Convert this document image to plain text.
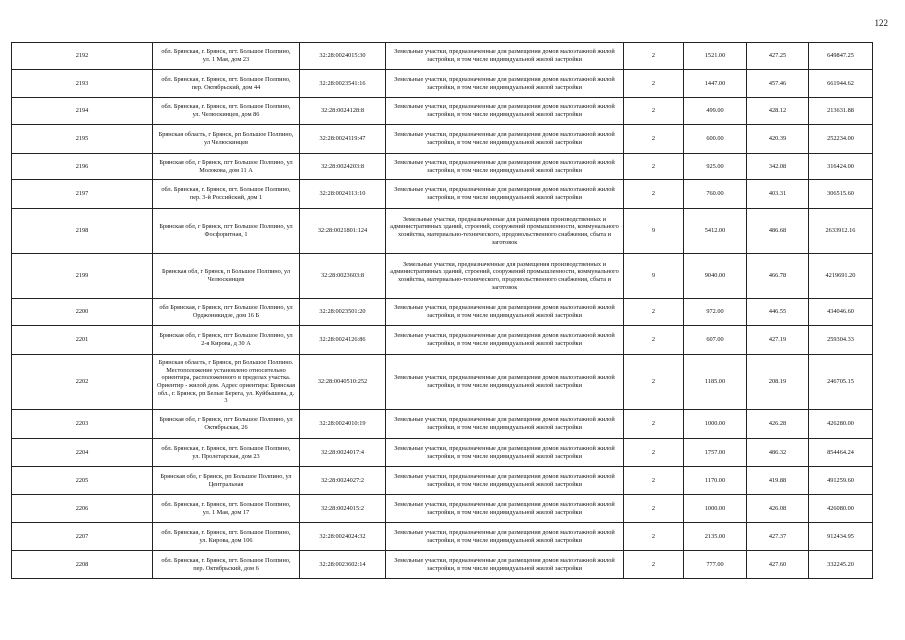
122
2192	обл. Брянская, г. Брянск, пгт. Большое Полпино, ул. 1 Мая, дом 23	32:28:0024015:30	Земельные участки, предназначенные для размещения домов малоэтажной жилой застройки, в том числе индивидуальной жилой застройки	2	1521.00	427.25	649847.25
2193	обл. Брянская, г. Брянск, пгт. Большое Полпино, пер. Октябрьский, дом 44	32:28:0023541:16	Земельные участки, предназначенные для размещения домов малоэтажной жилой застройки, в том числе индивидуальной жилой застройки	2	1447.00	457.46	661944.62
2194	обл. Брянская, г. Брянск, пгт. Большое Полпино, ул. Челюскинцев, дом 86	32:28:0024128:8	Земельные участки, предназначенные для размещения домов малоэтажной жилой застройки, в том числе индивидуальной жилой застройки	2	499.00	428.12	213631.88
2195	Брянская область, г Брянск, рп Большое Полпино, ул Челюскинцев	32:28:0024119:47	Земельные участки, предназначенные для размещения домов малоэтажной жилой застройки, в том числе индивидуальной жилой застройки	2	600.00	420.39	252234.00
2196	Брянская обл, г Брянск, пгт Большое Полпино, ул Молокова, дом 11 А	32:28:0024203:8	Земельные участки, предназначенные для размещения домов малоэтажной жилой застройки, в том числе индивидуальной жилой застройки	2	925.00	342.08	316424.00
2197	обл. Брянская, г. Брянск, пгт. Большое Полпино, пер. 3-й Российский, дом 1	32:28:0024113:10	Земельные участки, предназначенные для размещения домов малоэтажной жилой застройки, в том числе индивидуальной жилой застройки	2	760.00	403.31	306515.60
2198	Брянская обл, г Брянск, пгт Большое Полпино, ул Фосфоритная, 1	32:28:0021801:124	Земельные участки, предназначенные для размещения производственных и административных зданий, строений, сооружений промышленности, коммунального хозяйства, материально-технического, продовольственного снабжения, сбыта и заготовок	9	5412.00	486.68	2633912.16
2199	Брянская обл, г Брянск, п Большое Полпино, ул Челюскинцев	32:28:0023603:8	Земельные участки, предназначенные для размещения производственных и административных зданий, строений, сооружений промышленности, коммунального хозяйства, материально-технического, продовольственного снабжения, сбыта и заготовок	9	9040.00	466.78	4219691.20
2200	обл Брянская, г Брянск, пгт Большое Полпино, ул Орджоникидзе, дом 16 Б	32:28:0023501:20	Земельные участки, предназначенные для размещения домов малоэтажной жилой застройки, в том числе индивидуальной жилой застройки	2	972.00	446.55	434046.60
2201	Брянская обл, г Брянск, пгт Большое Полпино, ул 2-я Кирова, д 30 А	32:28:0024126:86	Земельные участки, предназначенные для размещения домов малоэтажной жилой застройки, в том числе индивидуальной жилой застройки	2	607.00	427.19	259304.33
2202	Брянская область, г Брянск, рп Большое Полпино. Местоположение установлено относительно ориентира, расположенного в пределах участка. Ориентир - жилой дом. Адрес ориентира: Брянская обл., г. Брянск, рп Белые Берега, ул. Куйбышева, д. 3	32:28:0040510:252	Земельные участки, предназначенные для размещения домов малоэтажной жилой застройки, в том числе индивидуальной жилой застройки	2	1185.00	208.19	246705.15
2203	Брянская обл, г Брянск, пгт Большое Полпино, ул Октябрьская, 26	32:28:0024010:19	Земельные участки, предназначенные для размещения домов малоэтажной жилой застройки, в том числе индивидуальной жилой застройки	2	1000.00	426.28	426280.00
2204	обл. Брянская, г. Брянск, пгт. Большое Полпино, ул. Пролетарская, дом 23	32:28:0024017:4	Земельные участки, предназначенные для размещения домов малоэтажной жилой застройки, в том числе индивидуальной жилой застройки	2	1757.00	486.32	854464.24
2205	Брянская обл, г Брянск, рп Большое Полпино, ул Центральная	32:28:0024027:2	Земельные участки, предназначенные для размещения домов малоэтажной жилой застройки, в том числе индивидуальной жилой застройки	2	1170.00	419.88	491259.60
2206	обл. Брянская, г. Брянск, пгт. Большое Полпино, ул. 1 Мая, дом 17	32:28:0024015:2	Земельные участки, предназначенные для размещения домов малоэтажной жилой застройки, в том числе индивидуальной жилой застройки	2	1000.00	426.08	426080.00
2207	обл. Брянская, г. Брянск, пгт. Большое Полпино, ул. Кирова, дом 106	32:28:0024024:32	Земельные участки, предназначенные для размещения домов малоэтажной жилой застройки, в том числе индивидуальной жилой застройки	2	2135.00	427.37	912434.95
2208	обл. Брянская, г. Брянск, пгт. Большое Полпино, пер. Октябрьский, дом 6	32:28:0023602:14	Земельные участки, предназначенные для размещения домов малоэтажной жилой застройки, в том числе индивидуальной жилой застройки	2	777.00	427.60	332245.20
